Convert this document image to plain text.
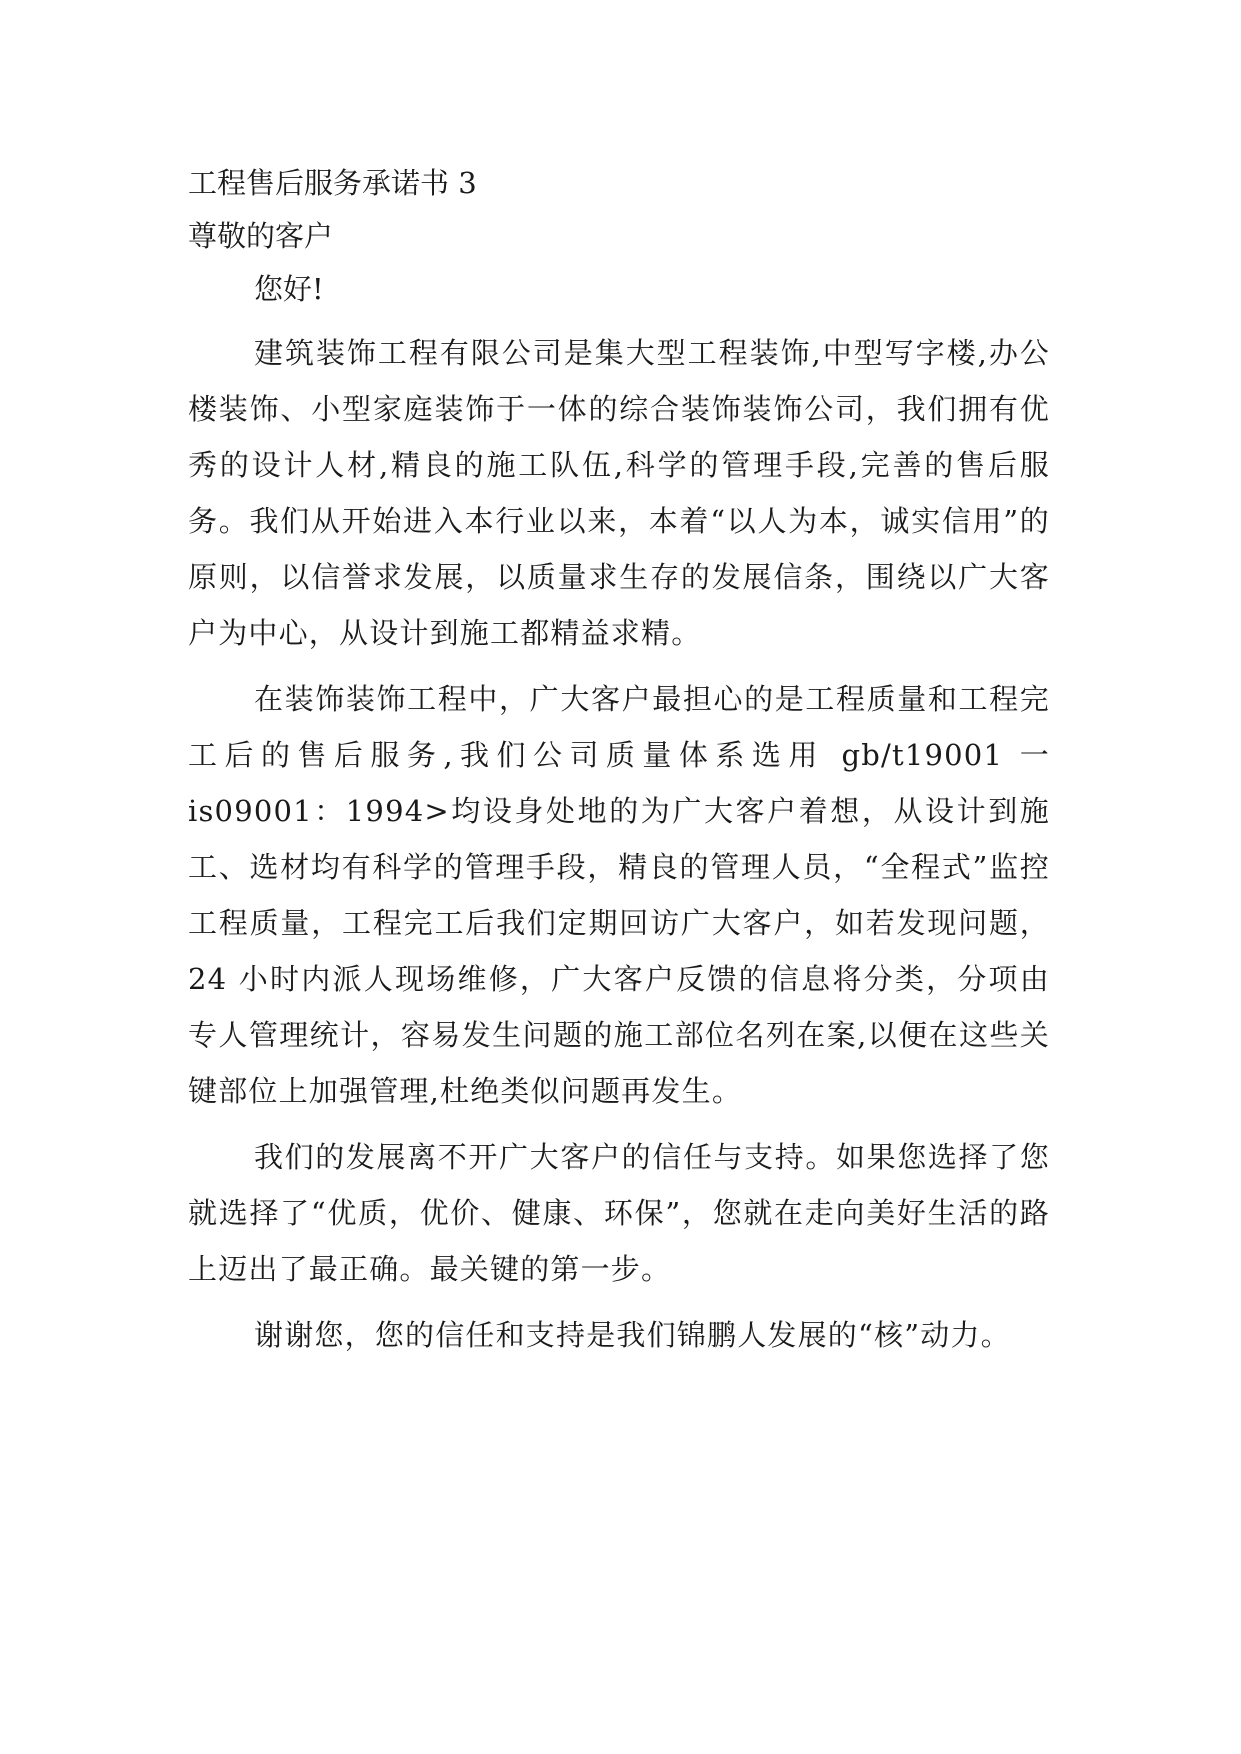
工程售后服务承诺书 3

尊敬的客户

您好!

建筑装饰工程有限公司是集大型工程装饰,中型写字楼,办公楼装饰、小型家庭装饰于一体的综合装饰装饰公司，我们拥有优秀的设计人材,精良的施工队伍,科学的管理手段,完善的售后服务。我们从开始进入本行业以来，本着“以人为本，诚实信用”的原则，以信誉求发展，以质量求生存的发展信条，围绕以广大客户为中心，从设计到施工都精益求精。

在装饰装饰工程中，广大客户最担心的是工程质量和工程完工后的售后服务,我们公司质量体系选用 gb/t19001 一is09001：1994>均设身处地的为广大客户着想，从设计到施工、选材均有科学的管理手段，精良的管理人员，“全程式”监控工程质量，工程完工后我们定期回访广大客户，如若发现问题，24 小时内派人现场维修，广大客户反馈的信息将分类，分项由专人管理统计，容易发生问题的施工部位名列在案,以便在这些关键部位上加强管理,杜绝类似问题再发生。

我们的发展离不开广大客户的信任与支持。如果您选择了您就选择了“优质，优价、健康、环保”，您就在走向美好生活的路上迈出了最正确。最关键的第一步。

谢谢您，您的信任和支持是我们锦鹏人发展的“核”动力。
